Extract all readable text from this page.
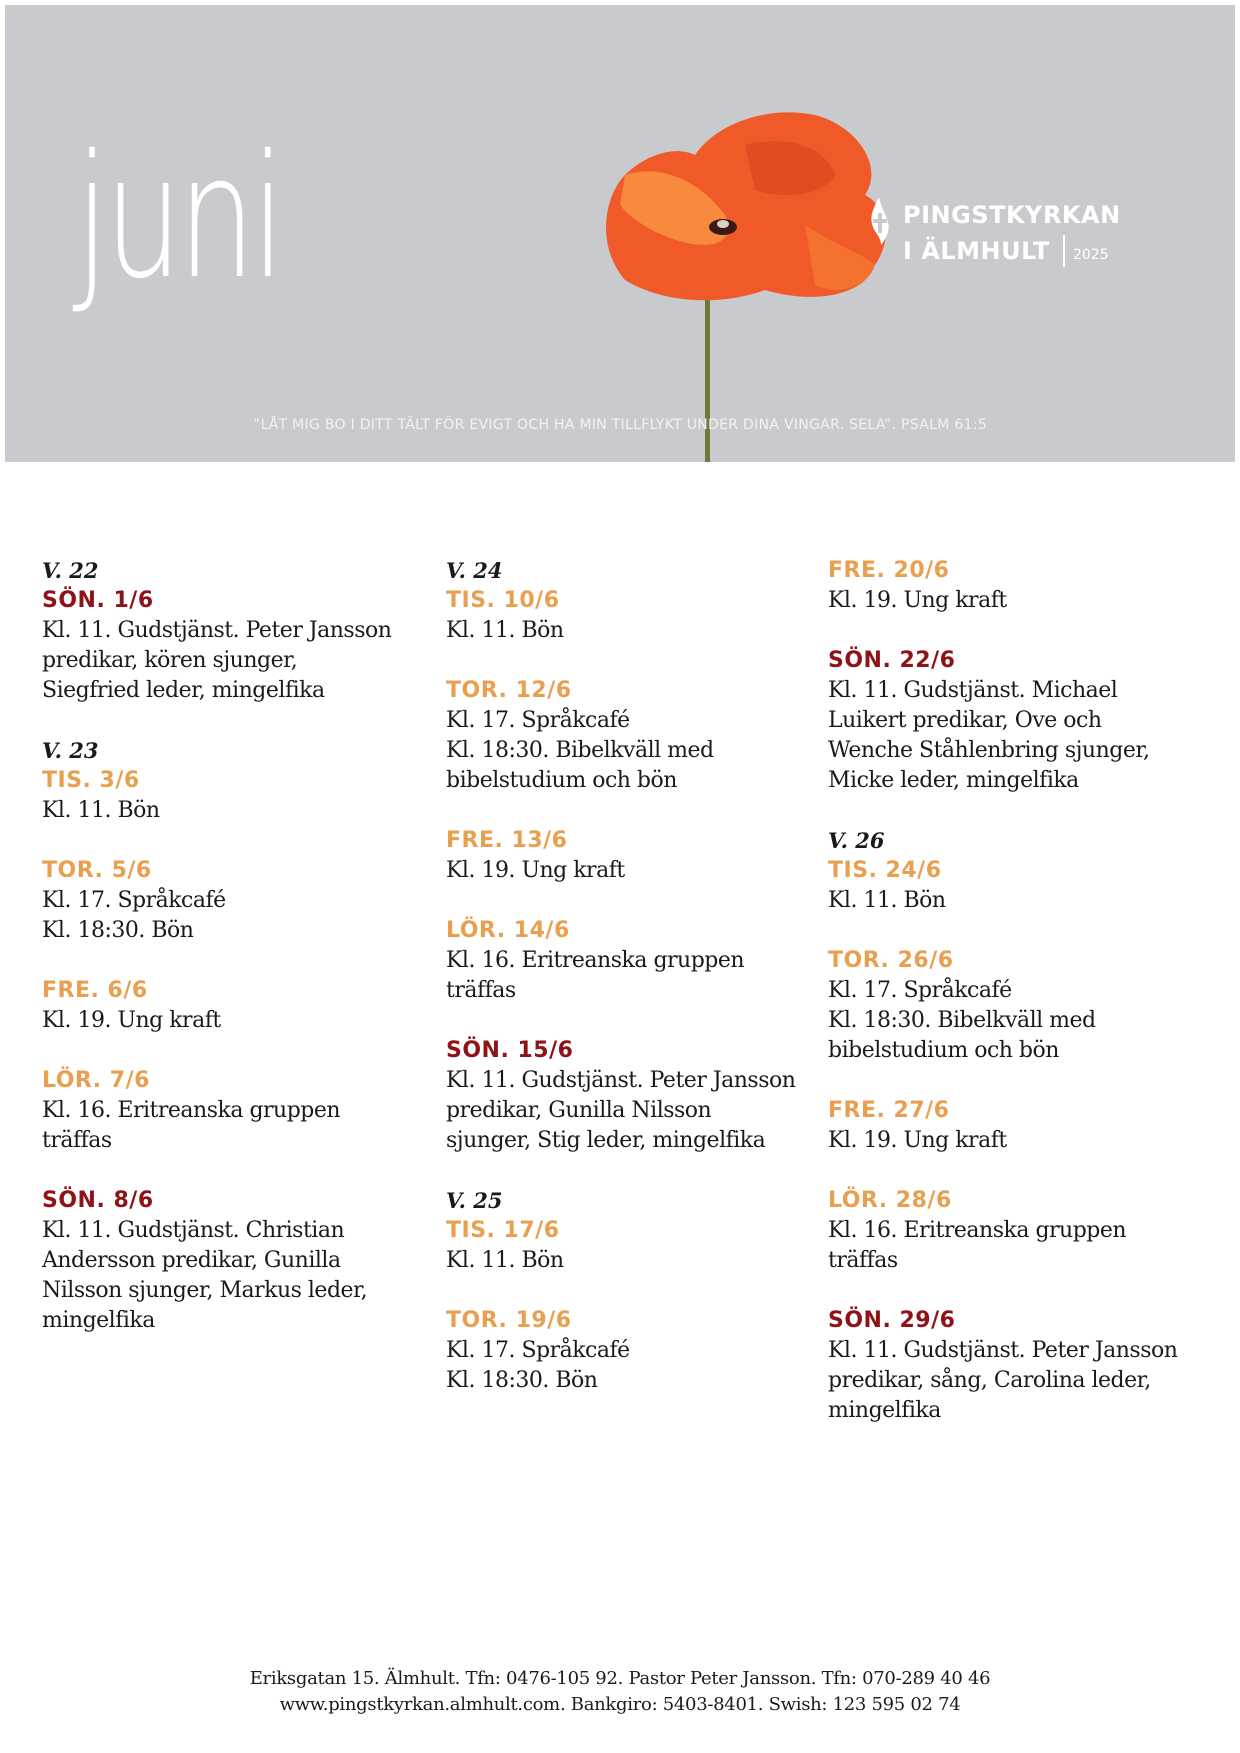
juni	PINGSTKYRKAN
I ÄLMHULT 2025
”LÅT MIG BO I DITT TÄLT FÖR EVIGT OCH HA MIN TILLFLYKT UNDER DINA VINGAR. SELA”. PSALM 61:5
V. 22
SÖN. 1/6
Kl. 11. Gudstjänst. Peter Jansson
predikar, kören sjunger,
Siegfried leder, mingelfika
V. 23
TIS. 3/6
Kl. 11. Bön
TOR. 5/6
Kl. 17. Språkcafé
Kl. 18:30. Bön
FRE. 6/6
Kl. 19. Ung kraft
LÖR. 7/6
Kl. 16. Eritreanska gruppen
träffas
SÖN. 8/6
Kl. 11. Gudstjänst. Christian
Andersson predikar, Gunilla
Nilsson sjunger, Markus leder,
mingelfika
V. 24
TIS. 10/6
Kl. 11. Bön
TOR. 12/6
Kl. 17. Språkcafé
Kl. 18:30. Bibelkväll med
bibelstudium och bön
FRE. 13/6
Kl. 19. Ung kraft
LÖR. 14/6
Kl. 16. Eritreanska gruppen
träffas
SÖN. 15/6
Kl. 11. Gudstjänst. Peter Jansson
predikar, Gunilla Nilsson
sjunger, Stig leder, mingelfika
V. 25
TIS. 17/6
Kl. 11. Bön
TOR. 19/6
Kl. 17. Språkcafé
Kl. 18:30. Bön
FRE. 20/6
Kl. 19. Ung kraft
SÖN. 22/6
Kl. 11. Gudstjänst. Michael
Luikert predikar, Ove och
Wenche Ståhlenbring sjunger,
Micke leder, mingelfika
V. 26
TIS. 24/6
Kl. 11. Bön
TOR. 26/6
Kl. 17. Språkcafé
Kl. 18:30. Bibelkväll med
bibelstudium och bön
FRE. 27/6
Kl. 19. Ung kraft
LÖR. 28/6
Kl. 16. Eritreanska gruppen
träffas
SÖN. 29/6
Kl. 11. Gudstjänst. Peter Jansson
predikar, sång, Carolina leder,
mingelfika
Eriksgatan 15. Älmhult. Tfn: 0476-105 92. Pastor Peter Jansson. Tfn: 070-289 40 46
www.pingstkyrkan.almhult.com. Bankgiro: 5403-8401. Swish: 123 595 02 74
